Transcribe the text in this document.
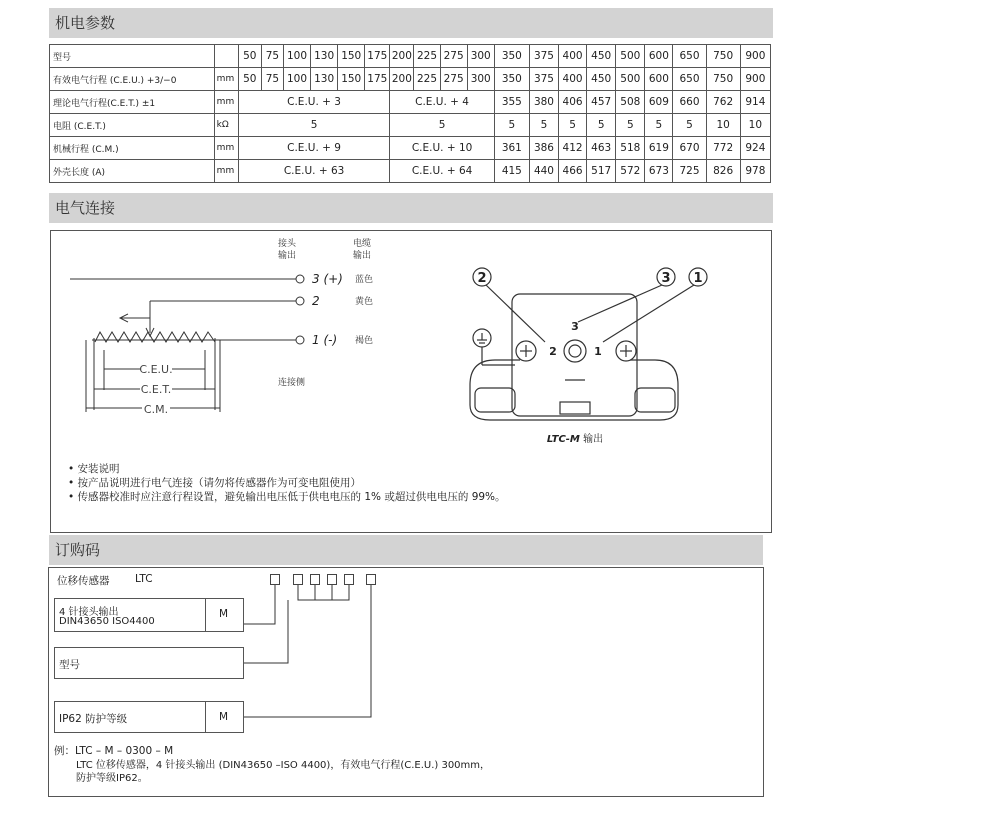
机电参数
型号		50	75	100	130	150	175	200	225	275	300	350	375	400	450	500	600	650	750	900
有效电气行程 (C.E.U.) +3/−0	mm	50	75	100	130	150	175	200	225	275	300	350	375	400	450	500	600	650	750	900
理论电气行程(C.E.T.) ±1	mm	C.E.U. + 3						C.E.U. + 4				355	380	406	457	508	609	660	762	914
电阻 (C.E.T.)	kΩ	5						5				5	5	5	5	5	5	5	10	10
机械行程 (C.M.)	mm	C.E.U. + 9						C.E.U. + 10				361	386	412	463	518	619	670	772	924
外壳长度 (A)	mm	C.E.U. + 63						C.E.U. + 64				415	440	466	517	572	673	725	826	978
电气连接
C.E.U.
C.E.T.
C.M.
接头
输出
电缆
输出
3 (+) 蓝色
2	黄色
1 (-) 褐色
连接侧
2	3 1
3
2	1
LTC-M 输出
• 安装说明
• 按产品说明进行电气连接（请勿将传感器作为可变电阻使用）
• 传感器校准时应注意行程设置，避免输出电压低于供电电压的 1% 或超过供电电压的 99%。
订购码
位移传感器 LTC
4 针接头输出
DIN43650 ISO4400
M
型号
IP62 防护等级	M
例：LTC – M – 0300 – M
LTC 位移传感器，4 针接头输出 (DIN43650 –ISO 4400)，有效电气行程(C.E.U.) 300mm，
防护等级IP62。
